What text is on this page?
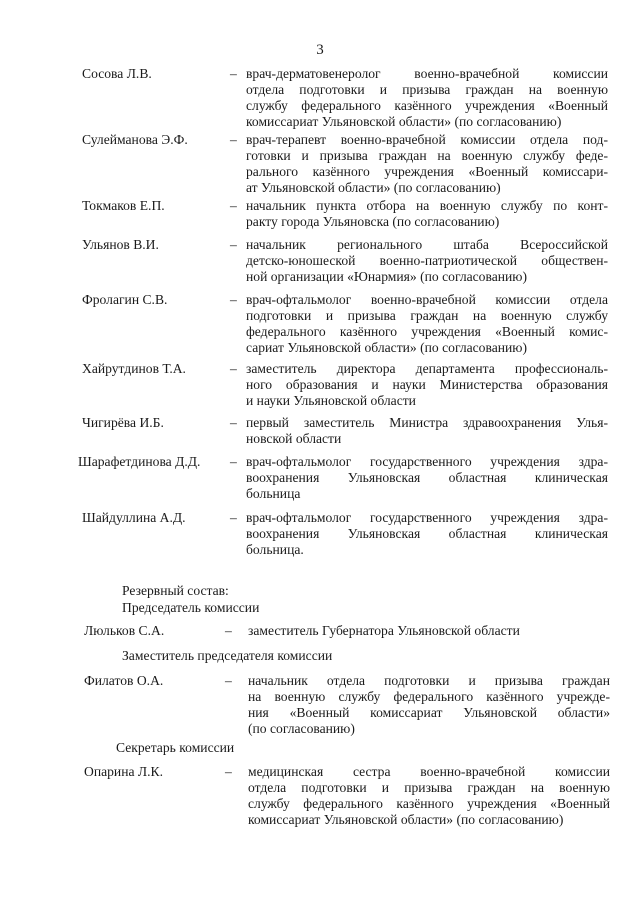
3
Сосова Л.В.	– врач-дерматовенеролог военно-врачебной комиссии
отдела подготовки и призыва граждан на военную
службу федерального казённого учреждения «Военный
комиссариат Ульяновской области» (по согласованию)
Сулейманова Э.Ф.	– врач-терапевт военно-врачебной комиссии отдела под-
готовки и призыва граждан на военную службу феде-
рального казённого учреждения «Военный комиссари-
ат Ульяновской области» (по согласованию)
Токмаков Е.П.	– начальник пункта отбора на военную службу по конт-
ракту города Ульяновска (по согласованию)
Ульянов В.И.	– начальник регионального штаба Всероссийской
детско-юношеской военно-патриотической обществен-
ной организации «Юнармия» (по согласованию)
Фролагин С.В.	– врач-офтальмолог военно-врачебной комиссии отдела
подготовки и призыва граждан на военную службу
федерального казённого учреждения «Военный комис-
сариат Ульяновской области» (по согласованию)
Хайрутдинов Т.А.	– заместитель директора департамента профессиональ-
ного образования и науки Министерства образования
и науки Ульяновской области
Чигирёва И.Б.	– первый заместитель Министра здравоохранения Улья-
новской области
Шарафетдинова Д.Д. – врач-офтальмолог государственного учреждения здра-
воохранения Ульяновская областная клиническая
больница
Шайдуллина А.Д.	– врач-офтальмолог государственного учреждения здра-
воохранения Ульяновская областная клиническая
больница.
Резервный состав:
Председатель комиссии
Люльков С.А.	– заместитель Губернатора Ульяновской области
Заместитель председателя комиссии
Филатов О.А.	– начальник отдела подготовки и призыва граждан
на военную службу федерального казённого учрежде-
ния «Военный комиссариат Ульяновской области»
(по согласованию)
Секретарь комиссии
Опарина Л.К.	– медицинская сестра военно-врачебной комиссии
отдела подготовки и призыва граждан на военную
службу федерального казённого учреждения «Военный
комиссариат Ульяновской области» (по согласованию)
